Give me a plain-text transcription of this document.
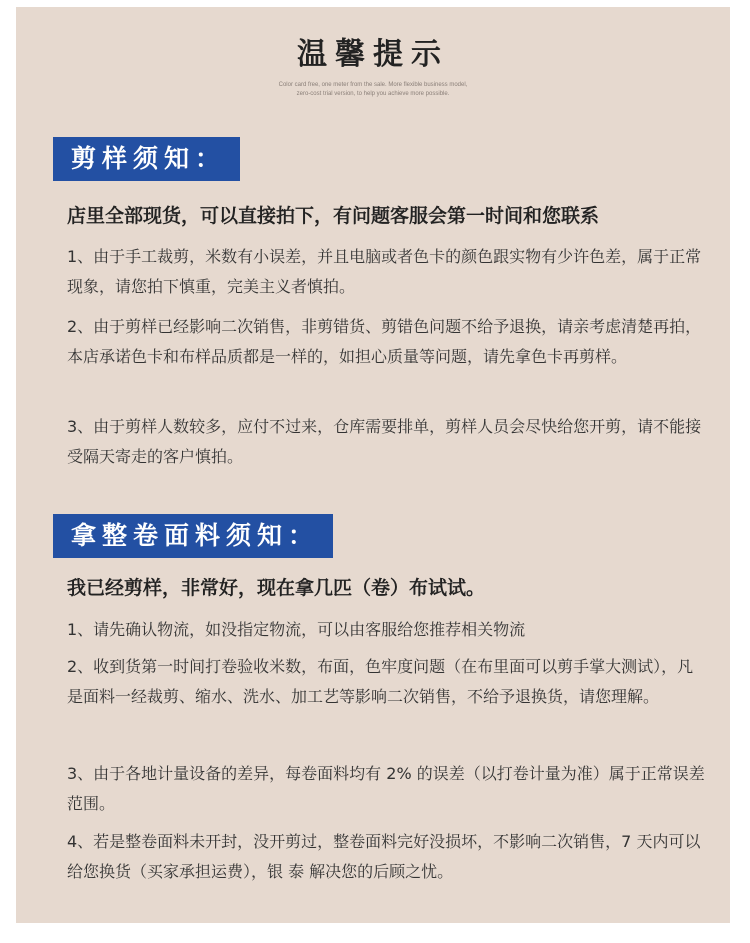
温馨提示
Color card free, one meter from the sale. More flexible business model,
zero-cost trial version, to help you achieve more possible.
剪样须知：
店里全部现货，可以直接拍下，有问题客服会第一时间和您联系

1、由于手工裁剪，米数有小误差，并且电脑或者色卡的颜色跟实物有少许色差，属于正常现象，请您拍下慎重，完美主义者慎拍。

2、由于剪样已经影响二次销售，非剪错货、剪错色问题不给予退换，请亲考虑清楚再拍，本店承诺色卡和布样品质都是一样的，如担心质量等问题，请先拿色卡再剪样。

3、由于剪样人数较多，应付不过来，仓库需要排单，剪样人员会尽快给您开剪，请不能接受隔天寄走的客户慎拍。

拿整卷面料须知：
我已经剪样，非常好，现在拿几匹（卷）布试试。

1、请先确认物流，如没指定物流，可以由客服给您推荐相关物流

2、收到货第一时间打卷验收米数，布面，色牢度问题（在布里面可以剪手掌大测试），凡是面料一经裁剪、缩水、洗水、加工艺等影响二次销售，不给予退换货，请您理解。

3、由于各地计量设备的差异，每卷面料均有 2% 的误差（以打卷计量为准）属于正常误差范围。

4、若是整卷面料未开封，没开剪过，整卷面料完好没损坏，不影响二次销售，7 天内可以给您换货（买家承担运费），银 泰 解决您的后顾之忧。
